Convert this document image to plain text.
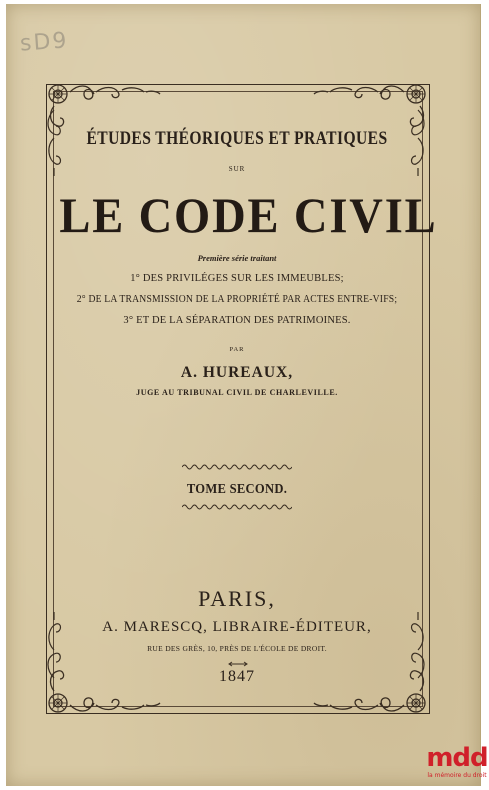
sD9
ÉTUDES THÉORIQUES ET PRATIQUES
SUR
LE CODE CIVIL
Première série traitant
1° DES PRIVILÉGES SUR LES IMMEUBLES;
2° DE LA TRANSMISSION DE LA PROPRIÉTÉ PAR ACTES ENTRE-VIFS;
3° ET DE LA SÉPARATION DES PATRIMOINES.
PAR
A. HUREAUX,
JUGE AU TRIBUNAL CIVIL DE CHARLEVILLE.
TOME SECOND.
PARIS,
A. MARESCQ, LIBRAIRE-ÉDITEUR,
RUE DES GRÈS, 10, PRÈS DE L'ÉCOLE DE DROIT.
1847
mdd
la mémoire du droit
